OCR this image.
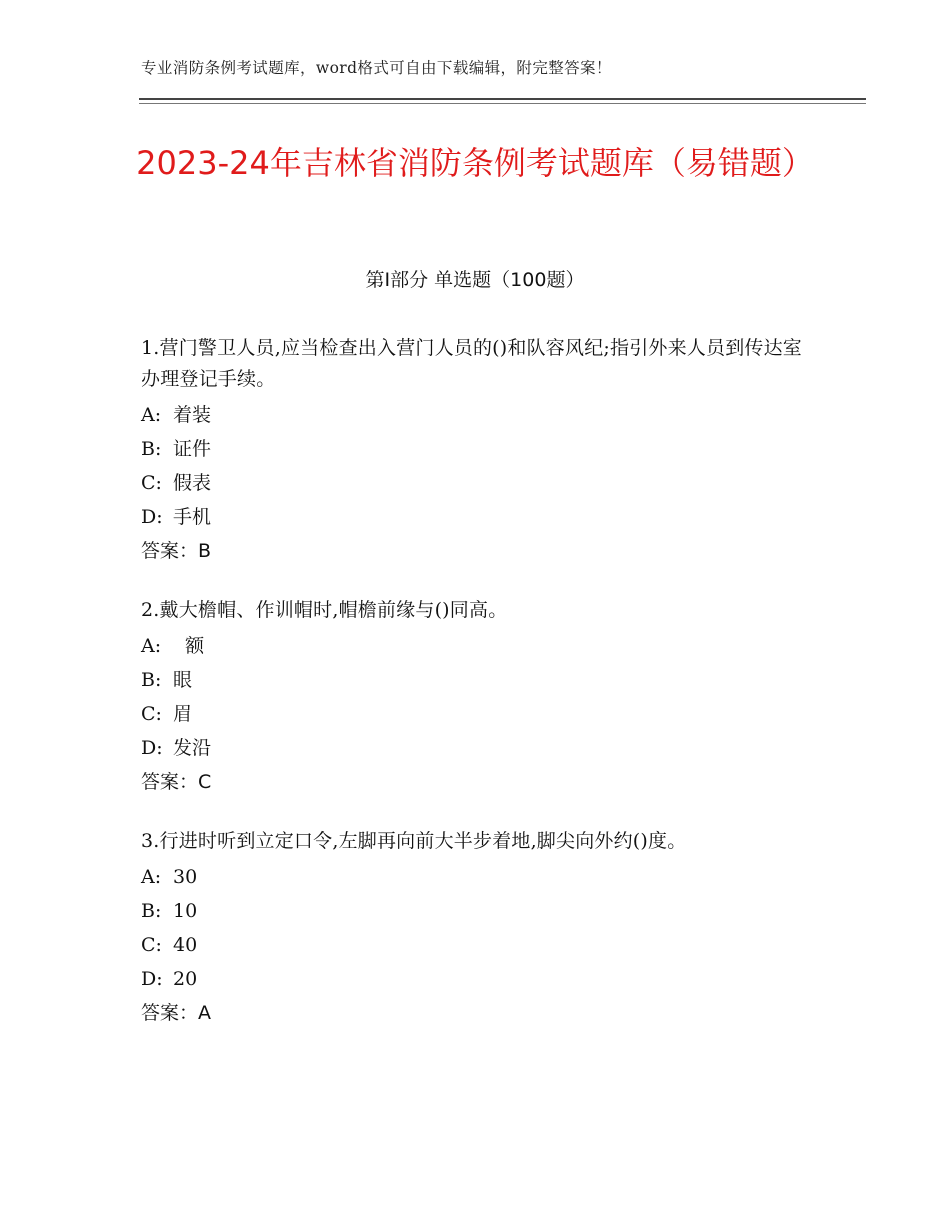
专业消防条例考试题库，word格式可自由下载编辑，附完整答案！
2023-24年吉林省消防条例考试题库（易错题）
第Ⅰ部分 单选题（100题）
1.营门警卫人员,应当检查出入营门人员的()和队容风纪;指引外来人员到传达室办理登记手续。
A: 着装
B: 证件
C: 假表
D: 手机
答案：B
2.戴大檐帽、作训帽时,帽檐前缘与()同高。
A:  额
B: 眼
C: 眉
D: 发沿
答案：C
3.行进时听到立定口令,左脚再向前大半步着地,脚尖向外约()度。
A: 30
B: 10
C: 40
D: 20
答案：A
